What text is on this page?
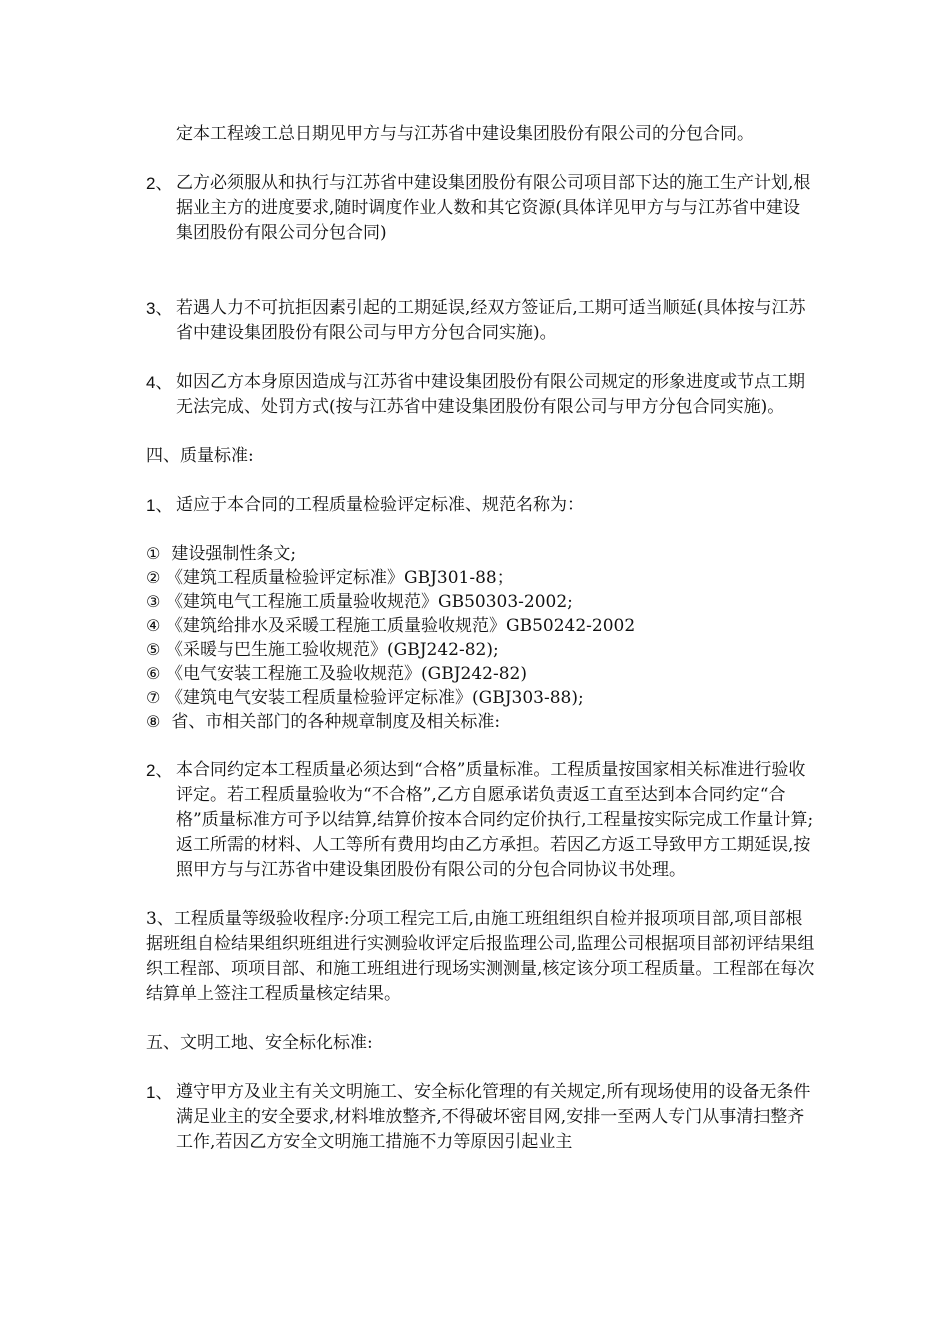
定本工程竣工总日期见甲方与与江苏省中建设集团股份有限公司的分包合同。
2、 乙方必须服从和执行与江苏省中建设集团股份有限公司项目部下达的施工生产计划,根据业主方的进度要求,随时调度作业人数和其它资源(具体详见甲方与与江苏省中建设集团股份有限公司分包合同)
3、 若遇人力不可抗拒因素引起的工期延误,经双方签证后,工期可适当顺延(具体按与江苏省中建设集团股份有限公司与甲方分包合同实施)。
4、 如因乙方本身原因造成与江苏省中建设集团股份有限公司规定的形象进度或节点工期无法完成、处罚方式(按与江苏省中建设集团股份有限公司与甲方分包合同实施)。
四、质量标准:
1、 适应于本合同的工程质量检验评定标准、规范名称为：
① 建设强制性条文;
② 《建筑工程质量检验评定标准》GBJ301-88；
③ 《建筑电气工程施工质量验收规范》GB50303-2002;
④ 《建筑给排水及采暖工程施工质量验收规范》GB50242-2002
⑤ 《采暖与巴生施工验收规范》(GBJ242-82);
⑥ 《电气安装工程施工及验收规范》(GBJ242-82)
⑦ 《建筑电气安装工程质量检验评定标准》(GBJ303-88);
⑧ 省、市相关部门的各种规章制度及相关标准:
2、 本合同约定本工程质量必须达到“合格”质量标准。工程质量按国家相关标准进行验收评定。若工程质量验收为“不合格”,乙方自愿承诺负责返工直至达到本合同约定“合格”质量标准方可予以结算,结算价按本合同约定价执行,工程量按实际完成工作量计算;返工所需的材料、人工等所有费用均由乙方承担。若因乙方返工导致甲方工期延误,按照甲方与与江苏省中建设集团股份有限公司的分包合同协议书处理。
3、工程质量等级验收程序:分项工程完工后,由施工班组组织自检并报项项目部,项目部根据班组自检结果组织班组进行实测验收评定后报监理公司,监理公司根据项目部初评结果组织工程部、项项目部、和施工班组进行现场实测测量,核定该分项工程质量。工程部在每次结算单上签注工程质量核定结果。
五、文明工地、安全标化标准:
1、 遵守甲方及业主有关文明施工、安全标化管理的有关规定,所有现场使用的设备无条件满足业主的安全要求,材料堆放整齐,不得破坏密目网,安排一至两人专门从事清扫整齐工作,若因乙方安全文明施工措施不力等原因引起业主
